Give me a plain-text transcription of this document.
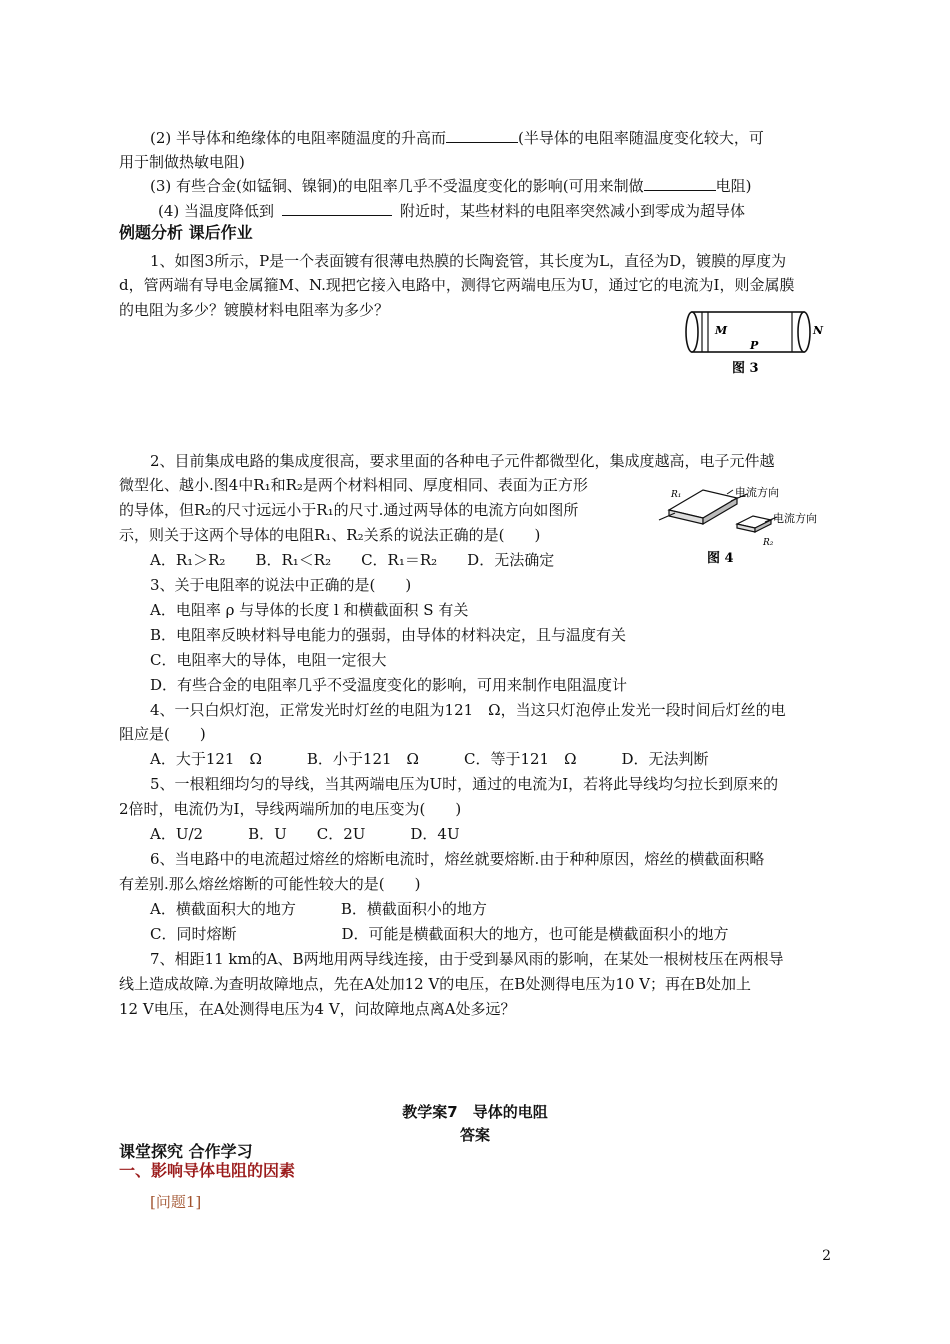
(2) 半导体和绝缘体的电阻率随温度的升高而	(半导体的电阻率随温度变化较大，可
用于制做热敏电阻)
(3) 有些合金(如锰铜、镍铜)的电阻率几乎不受温度变化的影响(可用来制做	电阻)
(4) 当温度降低到	附近时，某些材料的电阻率突然减小到零成为超导体
例题分析 课后作业
1、如图3所示，P是一个表面镀有很薄电热膜的长陶瓷管，其长度为L，直径为D，镀膜的厚度为
d，管两端有导电金属箍M、N.现把它接入电路中，测得它两端电压为U，通过它的电流为I，则金属膜
的电阻为多少？镀膜材料电阻率为多少？
M
P
N
图 3
2、目前集成电路的集成度很高，要求里面的各种电子元件都微型化，集成度越高，电子元件越
微型化、越小.图4中R₁和R₂是两个材料相同、厚度相同、表面为正方形
的导体，但R₂的尺寸远远小于R₁的尺寸.通过两导体的电流方向如图所
示，则关于这两个导体的电阻R₁、R₂关系的说法正确的是(　　)
A．R₁＞R₂　　B．R₁＜R₂　　C．R₁＝R₂　　D．无法确定
R₁
R₂
电流方向
电流方向
图 4
3、关于电阻率的说法中正确的是(　　)
A．电阻率 ρ 与导体的长度 l 和横截面积 S 有关
B．电阻率反映材料导电能力的强弱，由导体的材料决定，且与温度有关
C．电阻率大的导体，电阻一定很大
D．有些合金的电阻率几乎不受温度变化的影响，可用来制作电阻温度计
4、一只白炽灯泡，正常发光时灯丝的电阻为121　Ω，当这只灯泡停止发光一段时间后灯丝的电
阻应是(　　)
A．大于121　Ω　　　B．小于121　Ω　　　C．等于121　Ω　　　D．无法判断
5、一根粗细均匀的导线，当其两端电压为U时，通过的电流为I，若将此导线均匀拉长到原来的
2倍时，电流仍为I，导线两端所加的电压变为(　　)
A．U/2　　　B．U　　C．2U　　　D．4U
6、当电路中的电流超过熔丝的熔断电流时，熔丝就要熔断.由于种种原因，熔丝的横截面积略
有差别.那么熔丝熔断的可能性较大的是(　　)
A．横截面积大的地方　　　B．横截面积小的地方
C．同时熔断　　　　　　　D．可能是横截面积大的地方，也可能是横截面积小的地方
7、相距11 km的A、B两地用两导线连接，由于受到暴风雨的影响，在某处一根树枝压在两根导
线上造成故障.为查明故障地点，先在A处加12 V的电压，在B处测得电压为10 V；再在B处加上
12 V电压，在A处测得电压为4 V，问故障地点离A处多远？
教学案7　导体的电阻
答案
课堂探究 合作学习
一、影响导体电阻的因素
[问题1]
2
